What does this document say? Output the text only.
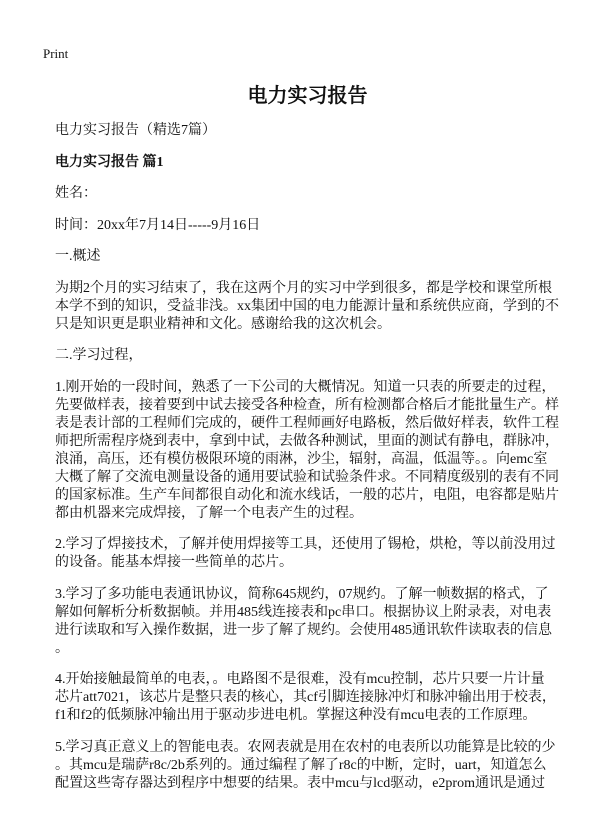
Print
电力实习报告

电力实习报告（精选7篇）

电力实习报告 篇1

姓名：

时间：20xx年7月14日-----9月16日

一.概述

为期2个月的实习结束了，我在这两个月的实习中学到很多，都是学校和课堂所根
本学不到的知识，受益非浅。xx集团中国的电力能源计量和系统供应商，学到的不
只是知识更是职业精神和文化。感谢给我的这次机会。

二.学习过程，

1.刚开始的一段时间，熟悉了一下公司的大概情况。知道一只表的所要走的过程，
先要做样表，接着要到中试去接受各种检查，所有检测都合格后才能批量生产。样
表是表计部的工程师们完成的，硬件工程师画好电路板，然后做好样表，软件工程
师把所需程序烧到表中，拿到中试，去做各种测试，里面的测试有静电，群脉冲，
浪涌，高压，还有模仿极限环境的雨淋，沙尘，辐射，高温，低温等。。向emc室
大概了解了交流电测量设备的通用要试验和试验条件求。不同精度级别的表有不同
的国家标准。生产车间都很自动化和流水线话，一般的芯片，电阻，电容都是贴片
都由机器来完成焊接，了解一个电表产生的过程。

2.学习了焊接技术，了解并使用焊接等工具，还使用了锡枪，烘枪，等以前没用过
的设备。能基本焊接一些简单的芯片。

3.学习了多功能电表通讯协议，简称645规约，07规约。了解一帧数据的格式，了
解如何解析分析数据帧。并用485线连接表和pc串口。根据协议上附录表，对电表
进行读取和写入操作数据，进一步了解了规约。会使用485通讯软件读取表的信息
。

4.开始接触最简单的电表，。电路图不是很难，没有mcu控制，芯片只要一片计量
芯片att7021，该芯片是整只表的核心，其cf引脚连接脉冲灯和脉冲输出用于校表，
f1和f2的低频脉冲输出用于驱动步进电机。掌握这种没有mcu电表的工作原理。

5.学习真正意义上的智能电表。农网表就是用在农村的电表所以功能算是比较的少
。其mcu是瑞萨r8c/2b系列的。通过编程了解了r8c的中断，定时，uart，知道怎么
配置这些寄存器达到程序中想要的结果。表中mcu与lcd驱动，e2prom通讯是通过
